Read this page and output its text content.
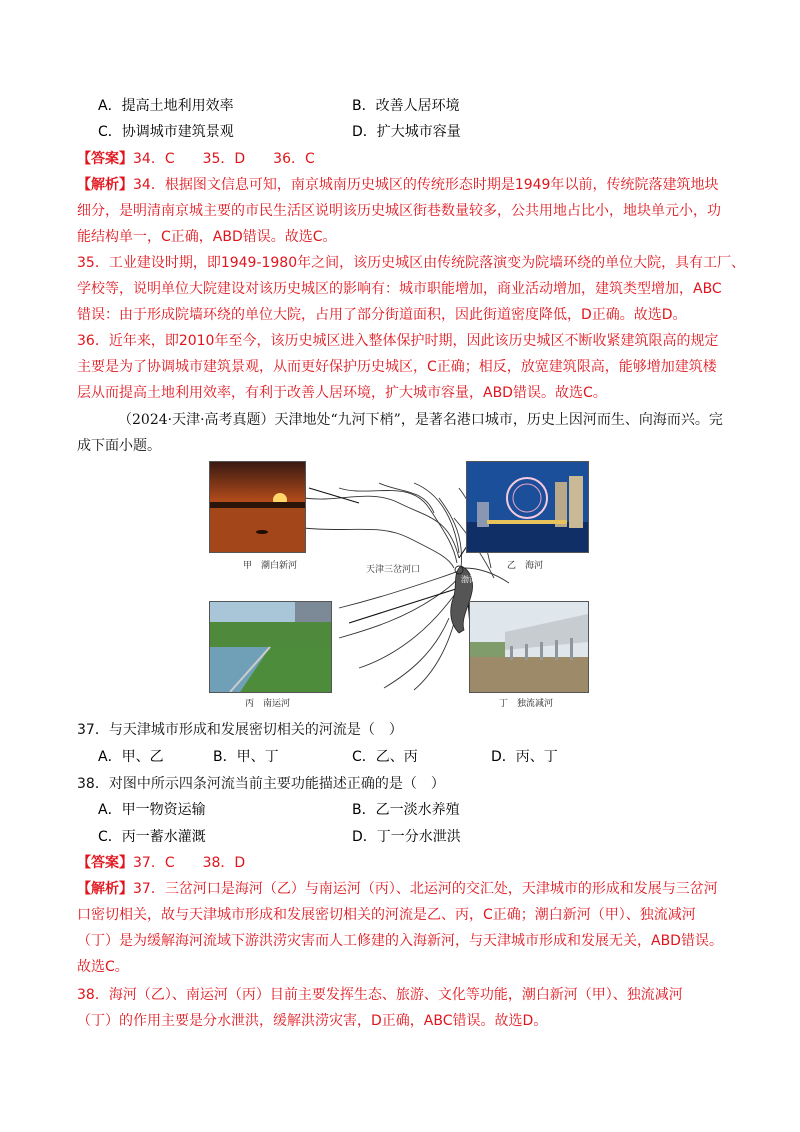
A．提高土地利用效率	B．改善人居环境
C．协调城市建筑景观	D．扩大城市容量
【答案】34．C　　35．D　　36．C
【解析】34．根据图文信息可知，南京城南历史城区的传统形态时期是1949年以前，传统院落建筑地块
细分，是明清南京城主要的市民生活区说明该历史城区街巷数量较多，公共用地占比小，地块单元小，功
能结构单一，C正确，ABD错误。故选C。
35．工业建设时期，即1949-1980年之间，该历史城区由传统院落演变为院墙环绕的单位大院，具有工厂、
学校等，说明单位大院建设对该历史城区的影响有：城市职能增加，商业活动增加，建筑类型增加，ABC
错误：由于形成院墙环绕的单位大院，占用了部分街道面积，因此街道密度降低，D正确。故选D。
36．近年来，即2010年至今，该历史城区进入整体保护时期，因此该历史城区不断收紧建筑限高的规定
主要是为了协调城市建筑景观，从而更好保护历史城区，C正确；相反，放宽建筑限高，能够增加建筑楼
层从而提高土地利用效率，有利于改善人居环境，扩大城市容量，ABD错误。故选C。
（2024·天津·高考真题）天津地处“九河下梢”，是著名港口城市，历史上因河而生、向海而兴。完
成下面小题。
甲　潮白新河	乙　海河
丙　南运河	丁　独流减河
天津三岔河口
渤海
37．与天津城市形成和发展密切相关的河流是（　）
A．甲、乙	B．甲、丁	C．乙、丙	D．丙、丁
38．对图中所示四条河流当前主要功能描述正确的是（　）
A．甲一物资运输	B．乙一淡水养殖
C．丙一蓄水灌溉	D．丁一分水泄洪
【答案】37．C　　38．D
【解析】37．三岔河口是海河（乙）与南运河（丙）、北运河的交汇处，天津城市的形成和发展与三岔河
口密切相关，故与天津城市形成和发展密切相关的河流是乙、丙，C正确；潮白新河（甲）、独流减河
（丁）是为缓解海河流域下游洪涝灾害而人工修建的入海新河，与天津城市形成和发展无关，ABD错误。
故选C。
38．海河（乙）、南运河（丙）目前主要发挥生态、旅游、文化等功能，潮白新河（甲）、独流减河
（丁）的作用主要是分水泄洪，缓解洪涝灾害，D正确，ABC错误。故选D。
